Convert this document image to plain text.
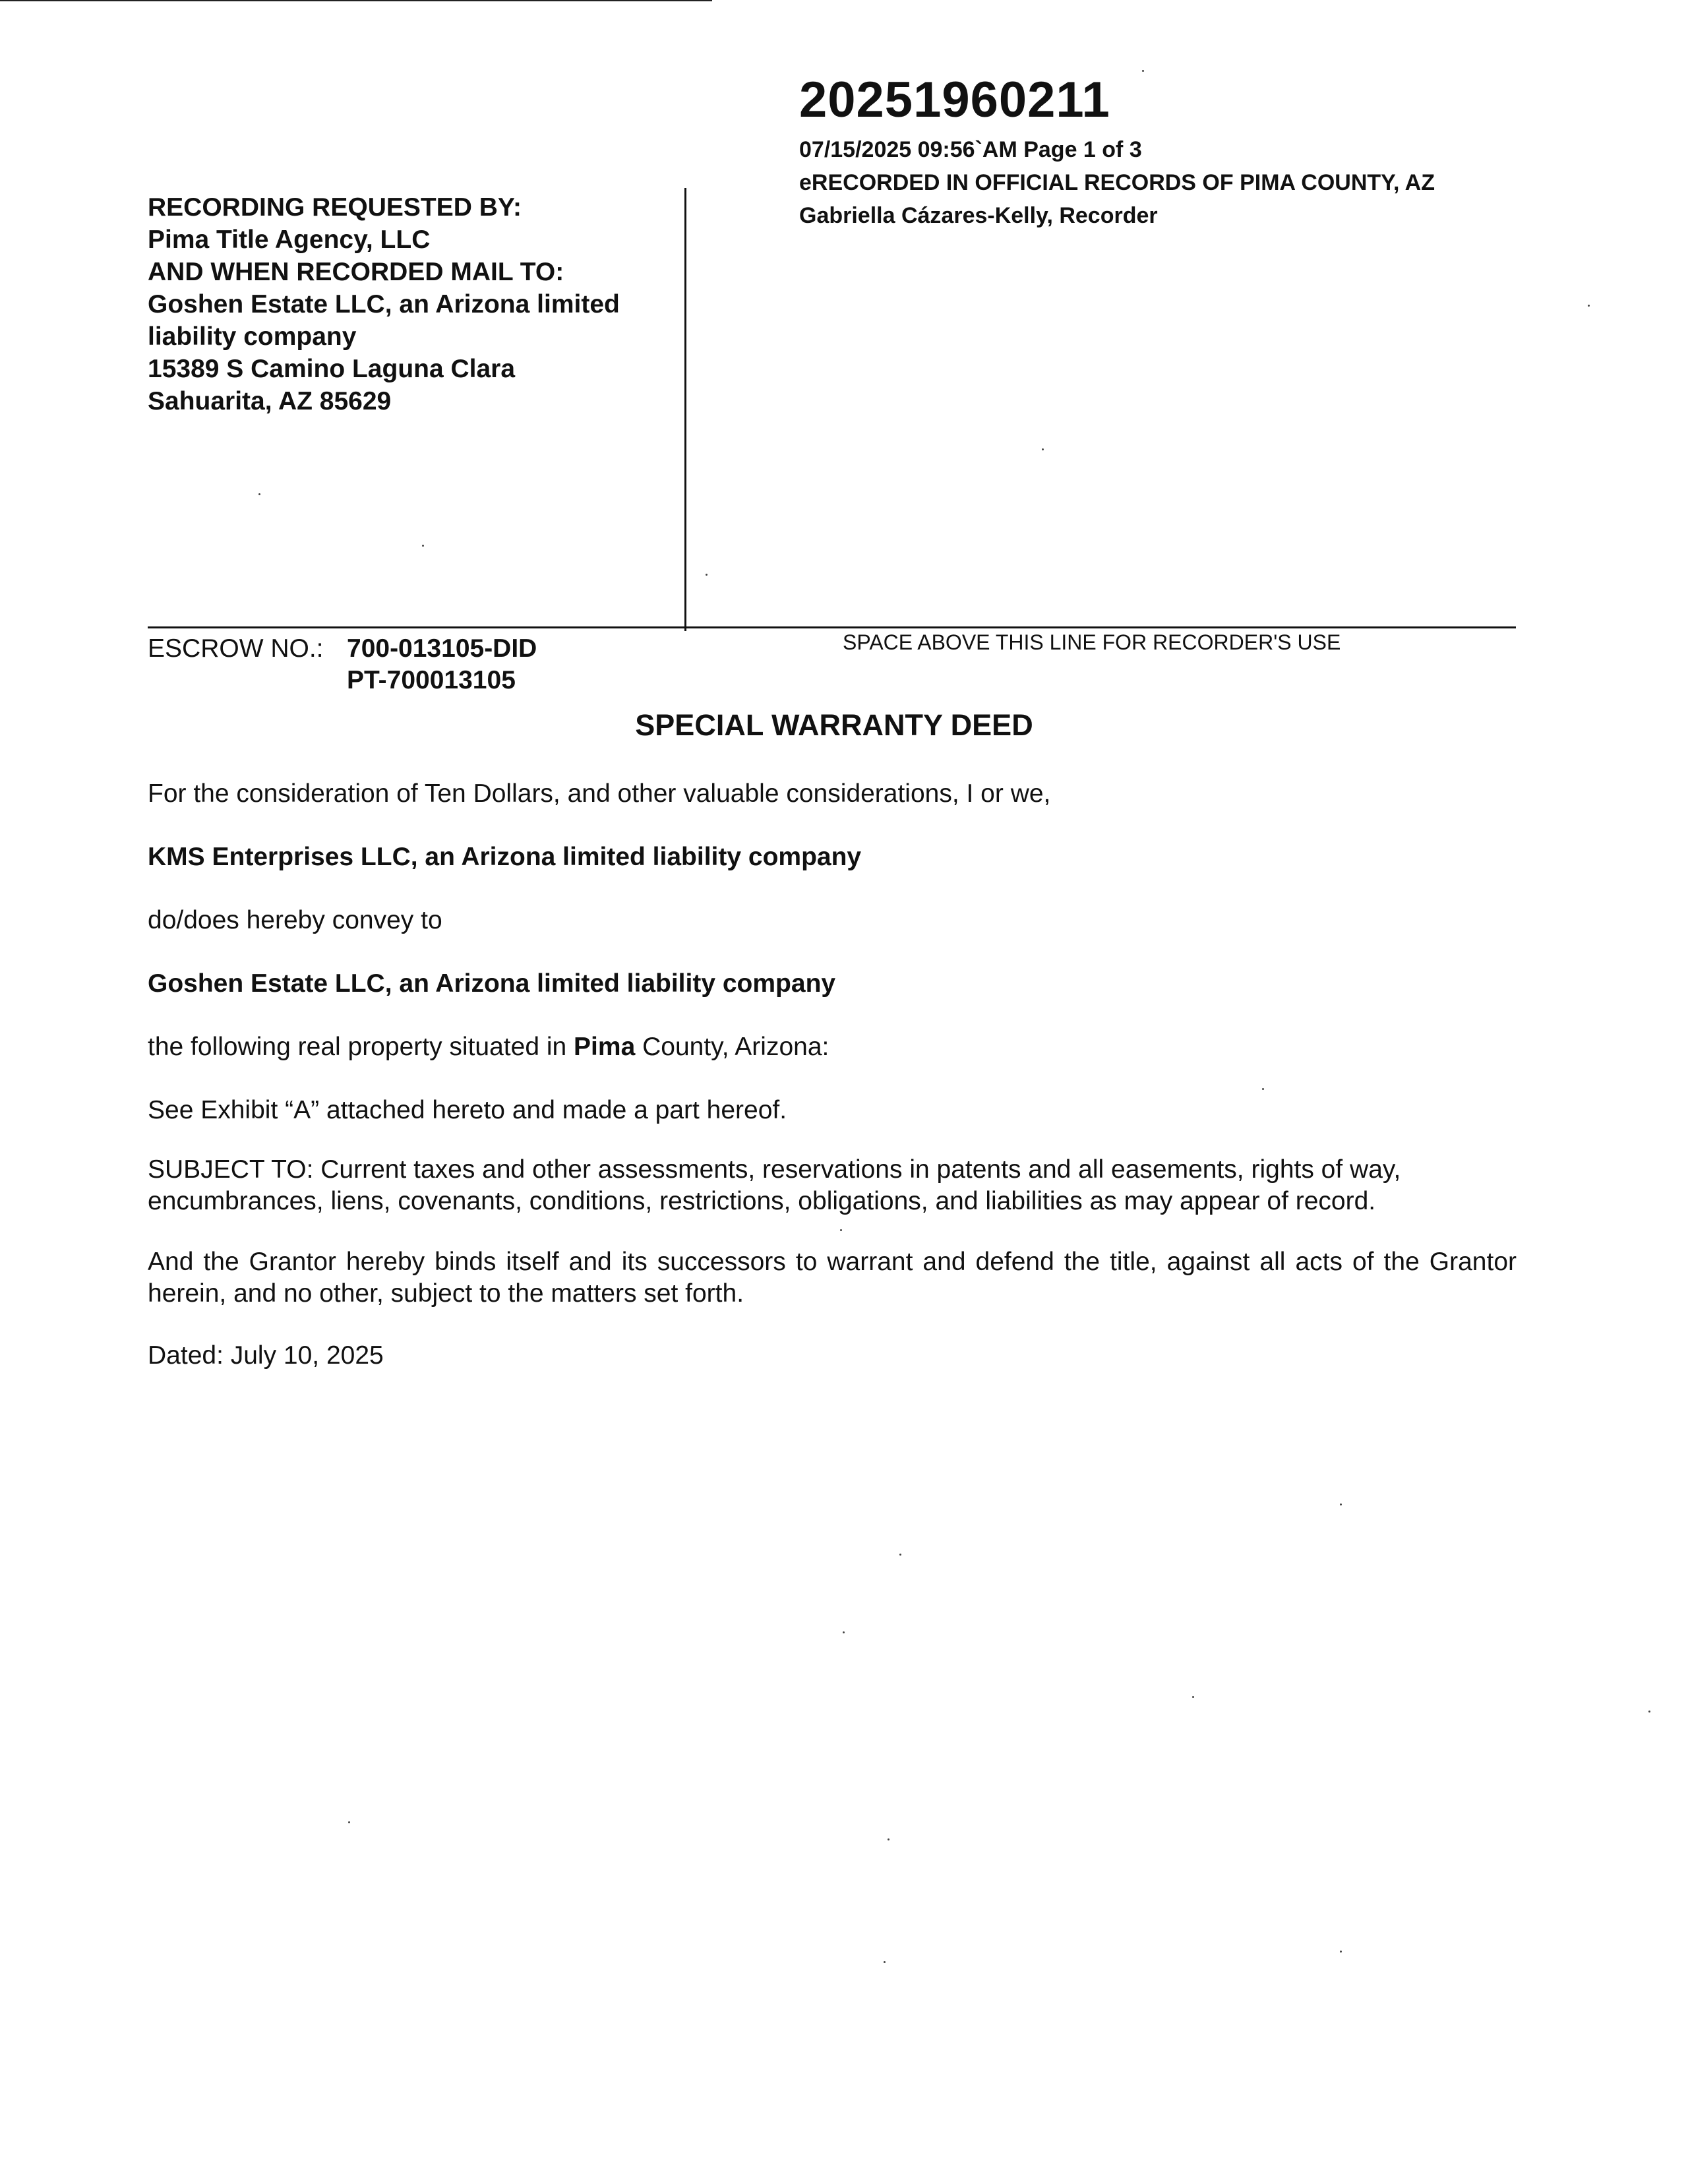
20251960211
07/15/2025 09:56`AM Page 1 of 3
eRECORDED IN OFFICIAL RECORDS OF PIMA COUNTY, AZ
Gabriella Cázares-Kelly, Recorder
RECORDING REQUESTED BY:
Pima Title Agency, LLC
AND WHEN RECORDED MAIL TO:
Goshen Estate LLC, an Arizona limited
liability company
15389 S Camino Laguna Clara
Sahuarita, AZ 85629
ESCROW NO.: 700-013105-DID
PT-700013105
SPACE ABOVE THIS LINE FOR RECORDER'S USE
SPECIAL WARRANTY DEED
For the consideration of Ten Dollars, and other valuable considerations, I or we,
KMS Enterprises LLC, an Arizona limited liability company
do/does hereby convey to
Goshen Estate LLC, an Arizona limited liability company
the following real property situated in Pima County, Arizona:
See Exhibit “A” attached hereto and made a part hereof.
SUBJECT TO: Current taxes and other assessments, reservations in patents and all easements, rights of way, encumbrances, liens, covenants, conditions, restrictions, obligations, and liabilities as may appear of record.
And the Grantor hereby binds itself and its successors to warrant and defend the title, against all acts of the Grantor herein, and no other, subject to the matters set forth.
Dated: July 10, 2025
